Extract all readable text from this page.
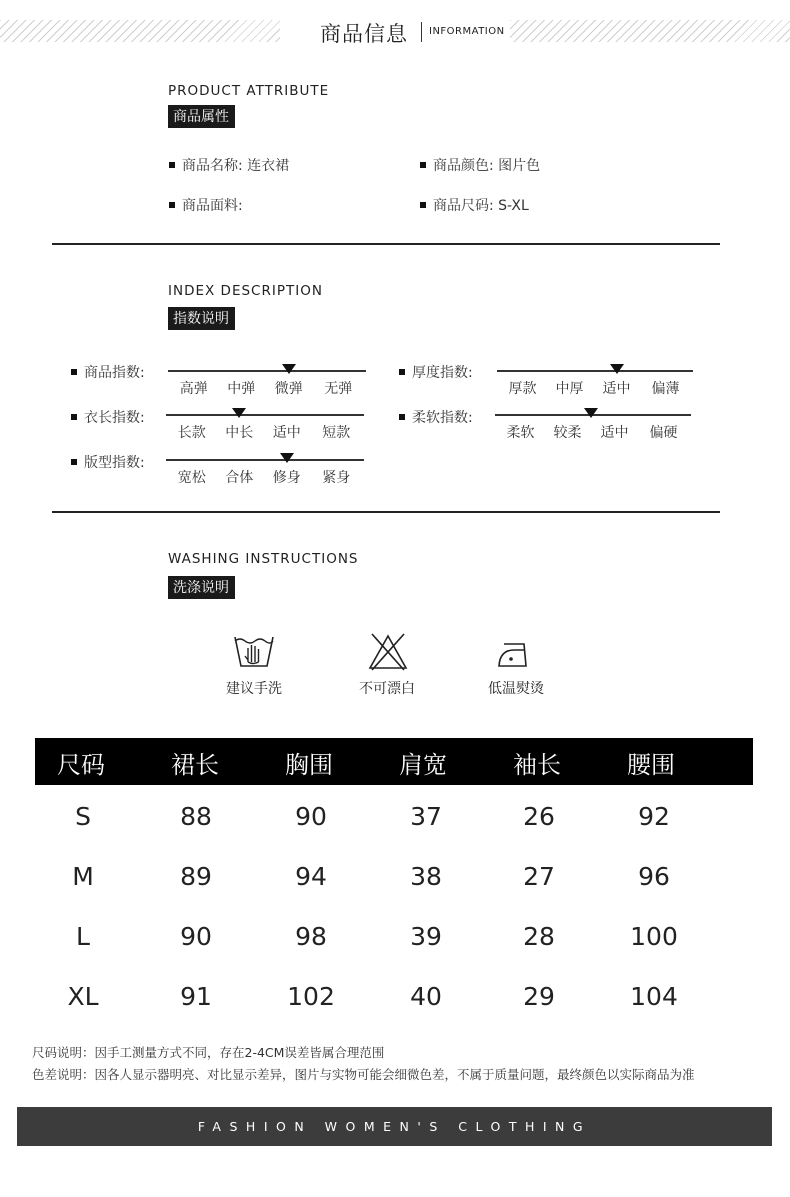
商品信息 INFORMATION
PRODUCT ATTRIBUTE
商品属性
商品名称: 连衣裙	商品颜色: 图片色
商品面料:	商品尺码: S-XL
INDEX DESCRIPTION
指数说明
商品指数:
高弹 中弹 微弹 无弹
衣长指数:
长款 中长 适中 短款
版型指数:
宽松 合体 修身 紧身
厚度指数:
厚款 中厚 适中 偏薄
柔软指数:
柔软 较柔 适中 偏硬
WASHING INSTRUCTIONS
洗涤说明
建议手洗	不可漂白	低温熨烫
尺码	裙长	胸围	肩宽	袖长	腰围
S	88	90	37	26	92
M	89	94	38	27	96
L	90	98	39	28	100
XL	91	102	40	29	104
尺码说明：因手工测量方式不同，存在2-4CM误差皆属合理范围
色差说明：因各人显示器明亮、对比显示差异，图片与实物可能会细微色差，不属于质量问题，最终颜色以实际商品为准
FASHION WOMEN'S CLOTHING
